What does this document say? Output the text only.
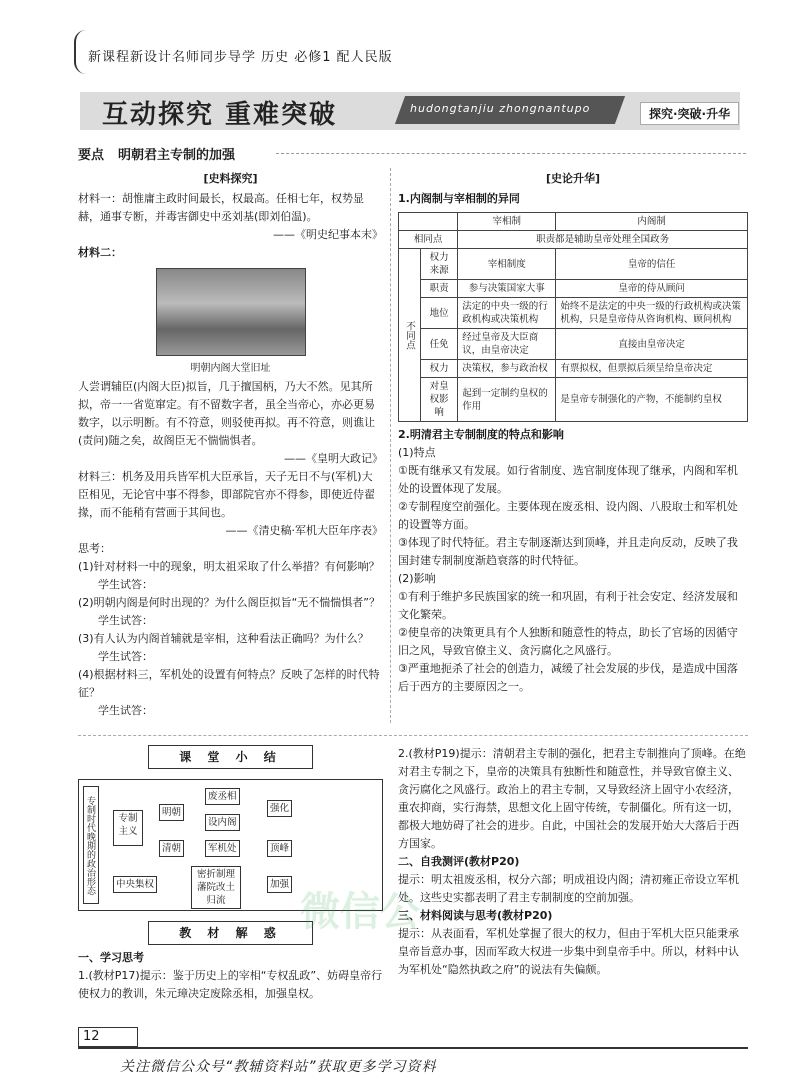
新课程新设计名师同步导学 历史 必修1 配人民版
互动探究 重难突破	hudongtanjiu zhongnantupo	探究·突破·升华
要点 明朝君主专制的加强
[史料探究]
材料一：胡惟庸主政时间最长，权最高。任相七年，权势显赫，通事专断，并毒害御史中丞刘基(即刘伯温)。
——《明史纪事本末》
材料二：
明朝内阁大堂旧址
人尝谓辅臣(内阁大臣)拟旨，几于擅国柄，乃大不然。见其所拟，帝一一省览窜定。有不留数字者，虽全当帝心，亦必更易数字，以示明断。有不符意，则驳使再拟。再不符意，则谯让(责问)随之矣，故阁臣无不惴惴惧者。
——《皇明大政记》
材料三：机务及用兵皆军机大臣承旨，天子无日不与(军机)大臣相见，无论官中事不得参，即部院官亦不得参，即使近侍翟掾，而不能稍有营画于其间也。
——《清史稿·军机大臣年序表》
思考：
(1)针对材料一中的现象，明太祖采取了什么举措？有何影响？
学生试答：
(2)明朝内阁是何时出现的？为什么阁臣拟旨“无不惴惴惧者”？
学生试答：
(3)有人认为内阁首辅就是宰相，这种看法正确吗？为什么？
学生试答：
(4)根据材料三，军机处的设置有何特点？反映了怎样的时代特征？
学生试答：
[史论升华]
1.内阁制与宰相制的异同
		宰相制	内阁制
相同点		职责都是辅助皇帝处理全国政务	
不同点	权力来源	宰相制度	皇帝的信任
	职责	参与决策国家大事	皇帝的侍从顾问
	地位	法定的中央一级的行政机构或决策机构	始终不是法定的中央一级的行政机构或决策机构，只是皇帝侍从咨询机构、顾问机构
	任免	经过皇帝及大臣商议，由皇帝决定	直接由皇帝决定
	权力	决策权，参与政治权	有票拟权，但票拟后须呈给皇帝决定
	对皇权影响	起到一定制约皇权的作用	是皇帝专制强化的产物，不能制约皇权
2.明清君主专制制度的特点和影响
(1)特点
①既有继承又有发展。如行省制度、选官制度体现了继承，内阁和军机处的设置体现了发展。
②专制程度空前强化。主要体现在废丞相、设内阁、八股取士和军机处的设置等方面。
③体现了时代特征。君主专制逐渐达到顶峰，并且走向反动，反映了我国封建专制制度渐趋衰落的时代特征。
(2)影响
①有利于维护多民族国家的统一和巩固，有利于社会安定、经济发展和文化繁荣。
②使皇帝的决策更具有个人独断和随意性的特点，助长了官场的因循守旧之风，导致官僚主义、贪污腐化之风盛行。
③严重地扼杀了社会的创造力，减缓了社会发展的步伐，是造成中国落后于西方的主要原因之一。
课 堂 小 结
专制时代晚期的政治形态	专制主义
明朝
废丞相
设内阁
强化
清朝	军机处	顶峰
中央集权
密折制理藩院改土归流
加强
教 材 解 惑
一、学习思考
1.(教材P17)提示：鉴于历史上的宰相“专权乱政”、妨碍皇帝行使权力的教训，朱元璋决定废除丞相，加强皇权。
2.(教材P19)提示：清朝君主专制的强化，把君主专制推向了顶峰。在绝对君主专制之下，皇帝的决策具有独断性和随意性，并导致官僚主义、贪污腐化之风盛行。政治上的君主专制，又导致经济上固守小农经济，重农抑商，实行海禁，思想文化上固守传统，专制僵化。所有这一切，都极大地妨碍了社会的进步。自此，中国社会的发展开始大大落后于西方国家。
二、自我测评(教材P20)
提示：明太祖废丞相，权分六部；明成祖设内阁；清初雍正帝设立军机处。这些史实都表明了君主专制制度的空前加强。
三、材料阅读与思考(教材P20)
提示：从表面看，军机处掌握了很大的权力，但由于军机大臣只能秉承皇帝旨意办事，因而军政大权进一步集中到皇帝手中。所以，材料中认为军机处“隐然执政之府”的说法有失偏颇。
微信公
12
关注微信公众号“教辅资料站”获取更多学习资料
